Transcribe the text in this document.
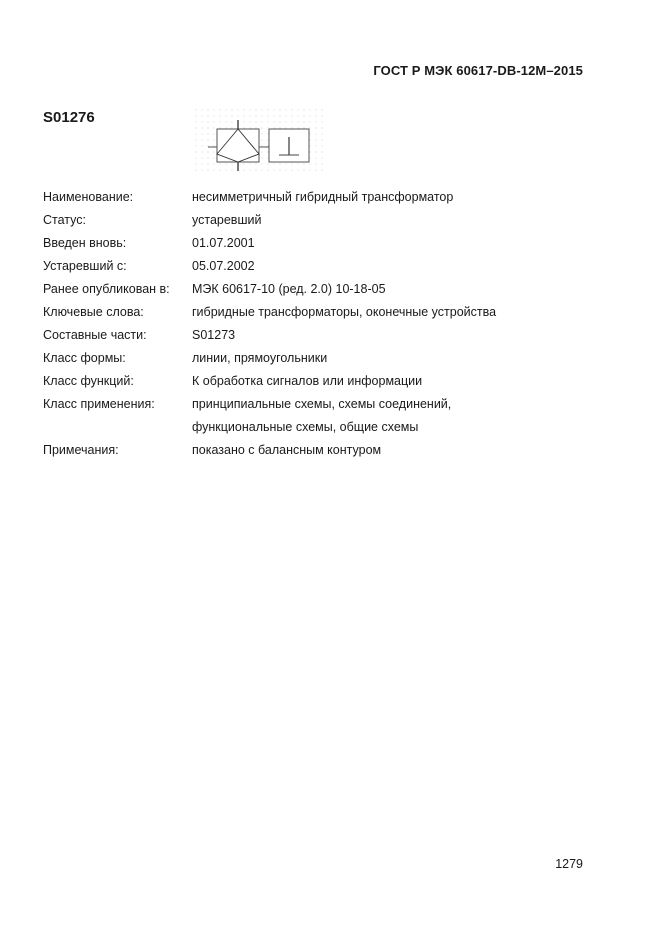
ГОСТ Р МЭК 60617-DB-12M–2015
S01276
Наименование:	несимметричный гибридный трансформатор
Статус:	устаревший
Введен вновь:	01.07.2001
Устаревший с:	05.07.2002
Ранее опубликован в:	МЭК 60617-10 (ред. 2.0) 10-18-05
Ключевые слова:	гибридные трансформаторы, оконечные устройства
Составные части:	S01273
Класс формы:	линии, прямоугольники
Класс функций:	К обработка сигналов или информации
Класс применения:	принципиальные схемы, схемы соединений,
функциональные схемы, общие схемы
Примечания:	показано с балансным контуром
1279
